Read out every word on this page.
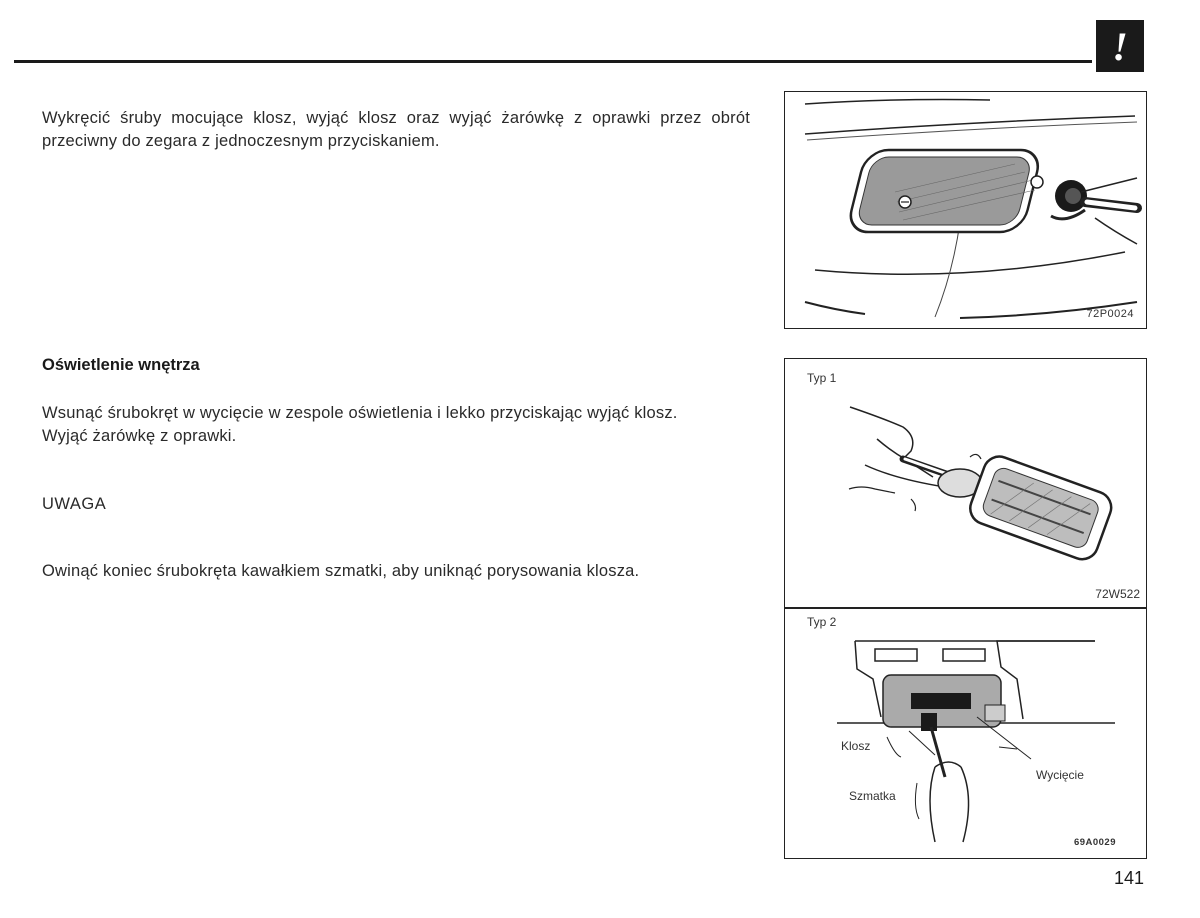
!

Wykręcić śruby mocujące klosz, wyjąć klosz oraz wyjąć żarówkę z oprawki przez obrót przeciwny do zegara z jednoczesnym przyciskaniem.

Oświetlenie wnętrza
Wsunąć śrubokręt w wycięcie w zespole oświetlenia i lekko przyciskając wyjąć klosz.
Wyjąć żarówkę z oprawki.
UWAGA

Owinąć koniec śrubokręta kawałkiem szmatki, aby uniknąć porysowania klosza.

72P0024
Typ 1
72W522
Typ 2
Klosz
Szmatka
Wycięcie
69A0029
141
